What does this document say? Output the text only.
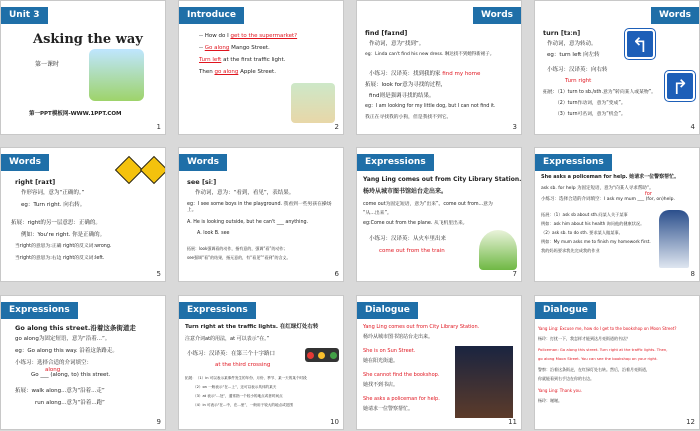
Unit 3
Asking the way
第一课时
第一PPT模板网-WWW.1PPT.COM
1
Introduce
-- How do I get to the supermarket?
-- Go along Mango Street.
Turn left at the first traffic light.
Then go along Apple Street.
2
Words
find [faɪnd]
作动词，意为“找到”。
eg：Linda can't find his new dress. 琳达找不到她得新裙子。
小练习：汉译英：找到我的家 find my home
拓展：look for意为寻找的过程，
find则是强调寻找的结果。
eg：I am looking for my little dog, but I can not find it.
我正在寻找我的小狗，但是我找不到它。
3
Words
turn [tɜːn]
作动词，意为转动。
eg：turn left 向左转
小练习：汉译英：向右转
Turn right
拓展：（1）turn to sb./sth.意为“转向某人或某物”。
（2）turn作动词，意为“变成”。
（3）turn可名词，意为“机会”。
↰
↱
4
Words
right [raɪt]
作形容词，意为“正确的。”
eg：Turn right. 向右转。
拓展：right的另一层意思：正确的。
例如：You're right. 你是正确的。
当right的意思为:正确 right的反义词:wrong.
当right的意思为:右边 right的反义词:left.
5
Words
see [siː]
作动词，意为：“看到，看见”，表结果。
eg：I see some boys in the playground. 我看到一些男孩在操场上。
A. He is looking outside, but he can't ___ anything.
A. look B. see
拓展：look强调看的动作，指有意的，强调“看”的动作；
see强调“看”的结果，指无意的，有“看见”“看到”的含义。
6
Expressions
Yang Ling comes out from City Library Station.
杨玲从城市图书馆站台走出来。
come out为固定短语，意为“出来”。come out from...意为
“从...出来”。
eg:Come out from the plane. 从飞机里出来。
小练习：汉译英：从火车里出来
come out from the train
7
Expressions
She asks a policeman for help. 她请求一位警察帮忙。
ask sb. for help 为固定短语，意为“向某人寻求帮助”。
小练习：选择合适的介词填空：I ask my mum ___ (for, on)help.
for
拓展：（1）ask sb about sth.问某人关于某事
例如：ask him about his health 询问他的健康状况。
（2）ask sb. to do sth. 要求某人做某事。
例如：My mum asks me to finish my homework first.
我的妈妈要求我先完成我的作业
8
Expressions
Go along this street.沿着这条街道走
go along为固定短语，意为“沿着...”。
eg：Go along this way. 沿着这条路走。
小练习：选择合适的介词填空：
Go ___ (along, to) this street.
along
拓展：walk along...意为“沿着...走”
run along...意为“沿着...跑”
9
Expressions
Turn right at the traffic lights. 在红绿灯处右转
注意介词at的用法，at 可以表示“在。”
小练习：汉译英：在第三个十字路口
at the third crossing
拓展：（1）in 可以表示某事件发生的年份、月份、季节、某一天的某个时段
（2）on 一般表示“在...上”，还可以表示具体的某天
（3）at 表示“...处”，通常指一个较小的地点或者时间点
（4）in 可表示“在...中，在...里”，一般用于较大的地点或范围
10
Dialogue
Yang Ling comes out from City Library Station.
杨玲从城市图书馆站台走出来。
She is on Sun Street.
她在阳光街道。
She cannot find the bookshop.
她找不到书店。
She asks a policeman for help.
她请求一位警察帮忙。
11
Dialogue
Yang Ling: Excuse me, how do I get to the bookshop on Moon Street?
杨玲：打扰一下，我怎样才能到达月亮街道的书店？
Policeman: Go along this street. Turn right at the traffic lights. Then,
go along Moon Street. You can see the bookshop on your right.
警察：沿着这条街走，在红绿灯处右转。然后，沿着月亮街道，
你就能看到右手边在你的右边。
Yang Ling: Thank you.
杨玲：谢谢。
12
